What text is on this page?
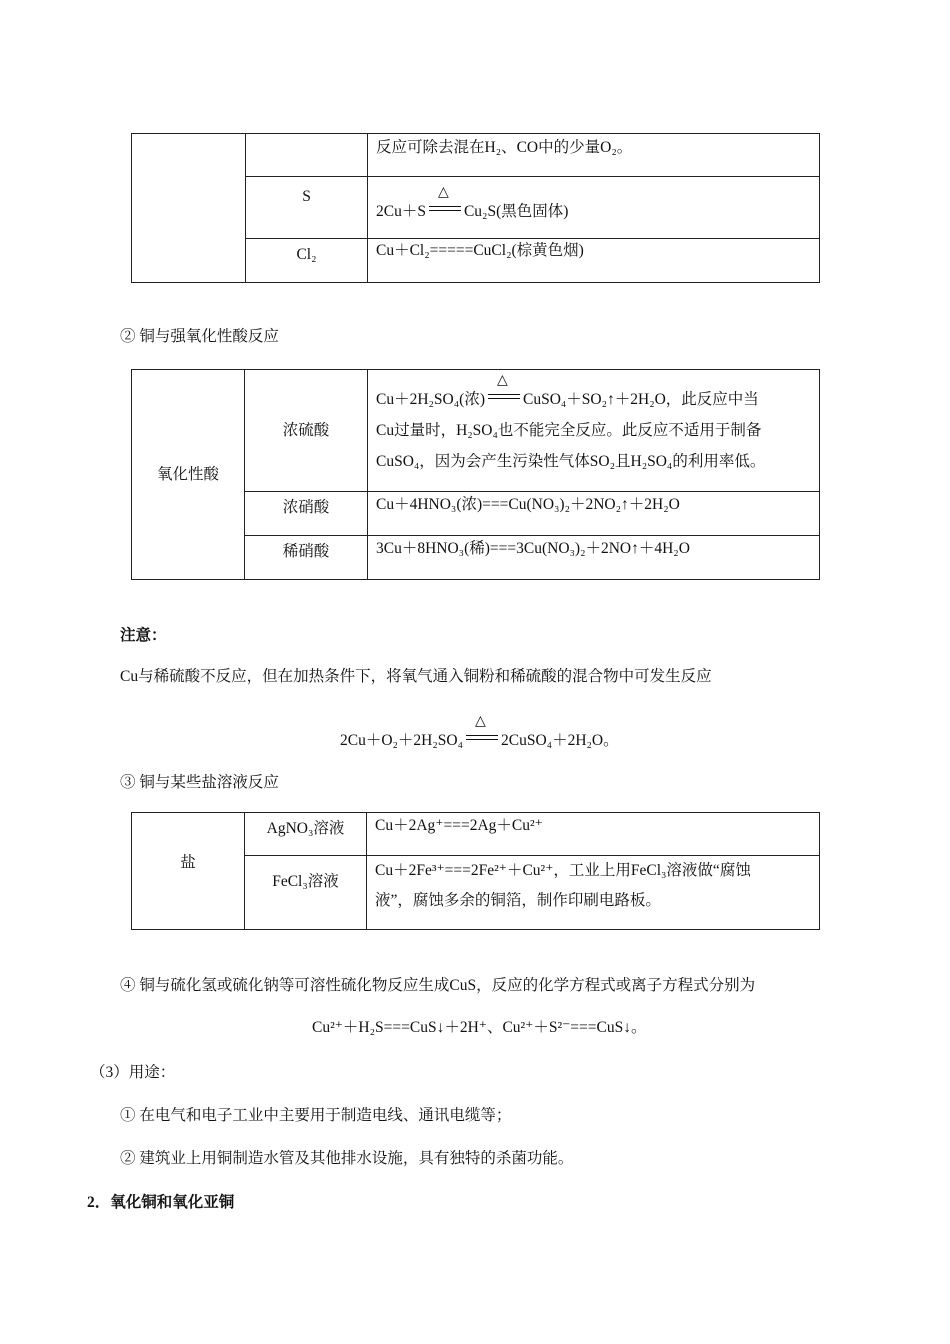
		反应可除去混在H₂、CO中的少量O₂。
	S	2Cu＋S
△
Cu₂S(黑色固体)
	Cl₂	Cu＋Cl₂=====CuCl₂(棕黄色烟)
② 铜与强氧化性酸反应
氧化性酸	浓硫酸	Cu＋2H₂SO₄(浓)
△
CuSO₄＋SO₂↑＋2H₂O，此反应中当
Cu过量时，H₂SO₄也不能完全反应。此反应不适用于制备
CuSO₄，因为会产生污染性气体SO₂且H₂SO₄的利用率低。

	浓硝酸	Cu＋4HNO₃(浓)===Cu(NO₃)₂＋2NO₂↑＋2H₂O
	稀硝酸	3Cu＋8HNO₃(稀)===3Cu(NO₃)₂＋2NO↑＋4H₂O
注意：
Cu与稀硫酸不反应，但在加热条件下，将氧气通入铜粉和稀硫酸的混合物中可发生反应
2Cu＋O₂＋2H₂SO₄
△
2CuSO₄＋2H₂O。
③ 铜与某些盐溶液反应
盐	AgNO₃溶液	Cu＋2Ag⁺===2Ag＋Cu²⁺
	FeCl₃溶液	Cu＋2Fe³⁺===2Fe²⁺＋Cu²⁺，工业上用FeCl₃溶液做“腐蚀
液”，腐蚀多余的铜箔，制作印刷电路板。
④ 铜与硫化氢或硫化钠等可溶性硫化物反应生成CuS，反应的化学方程式或离子方程式分别为
Cu²⁺＋H₂S===CuS↓＋2H⁺、Cu²⁺＋S²⁻===CuS↓。
（3）用途：
① 在电气和电子工业中主要用于制造电线、通讯电缆等；
② 建筑业上用铜制造水管及其他排水设施，具有独特的杀菌功能。
2．氧化铜和氧化亚铜
